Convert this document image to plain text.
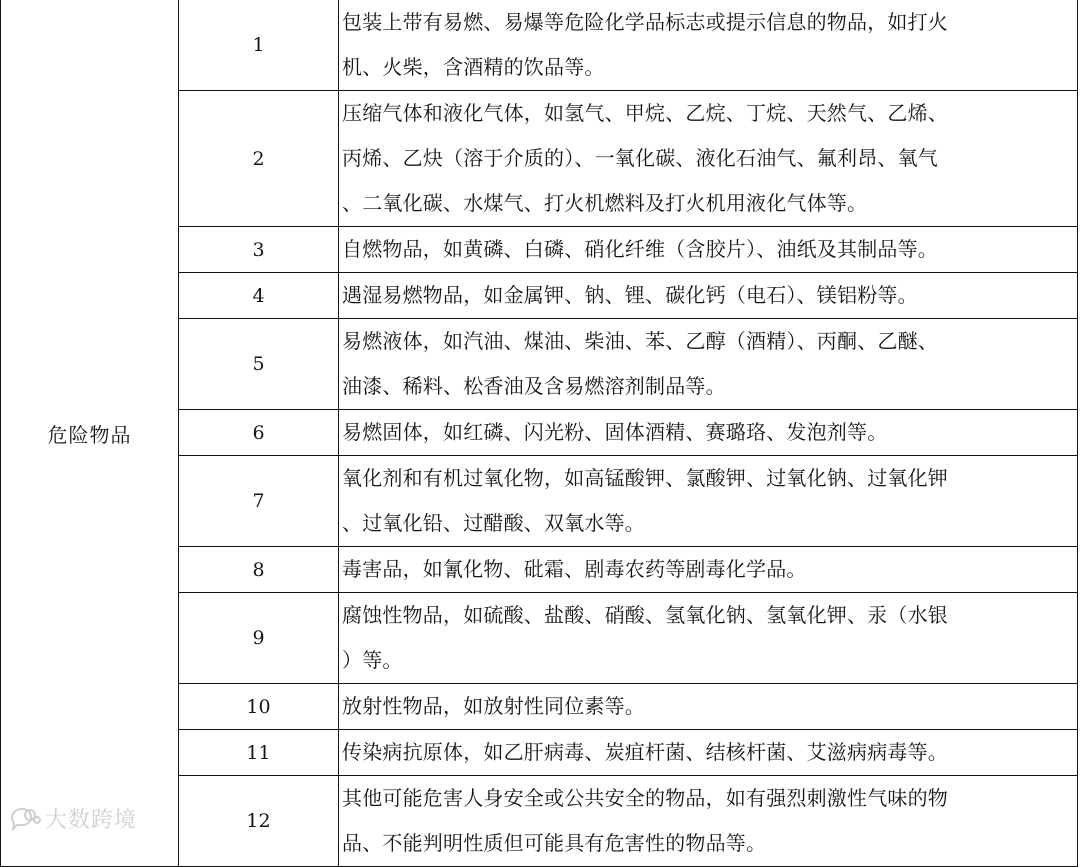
危险物品	1	包装上带有易燃、易爆等危险化学品标志或提示信息的物品，如打火
机、火柴，含酒精的饮品等。

	2	压缩气体和液化气体，如氢气、甲烷、乙烷、丁烷、天然气、乙烯、
丙烯、乙炔（溶于介质的）、一氧化碳、液化石油气、氟利昂、氧气
、二氧化碳、水煤气、打火机燃料及打火机用液化气体等。

	3	自燃物品，如黄磷、白磷、硝化纤维（含胶片）、油纸及其制品等。

	4	遇湿易燃物品，如金属钾、钠、锂、碳化钙（电石）、镁铝粉等。

	5	易燃液体，如汽油、煤油、柴油、苯、乙醇（酒精）、丙酮、乙醚、
油漆、稀料、松香油及含易燃溶剂制品等。

	6	易燃固体，如红磷、闪光粉、固体酒精、赛璐珞、发泡剂等。

	7	氧化剂和有机过氧化物，如高锰酸钾、氯酸钾、过氧化钠、过氧化钾
、过氧化铅、过醋酸、双氧水等。

	8	毒害品，如氰化物、砒霜、剧毒农药等剧毒化学品。

	9	腐蚀性物品，如硫酸、盐酸、硝酸、氢氧化钠、氢氧化钾、汞（水银
）等。

	10	放射性物品，如放射性同位素等。

	11	传染病抗原体，如乙肝病毒、炭疽杆菌、结核杆菌、艾滋病病毒等。

	12	其他可能危害人身安全或公共安全的物品，如有强烈刺激性气味的物
品、不能判明性质但可能具有危害性的物品等。
大数跨境
